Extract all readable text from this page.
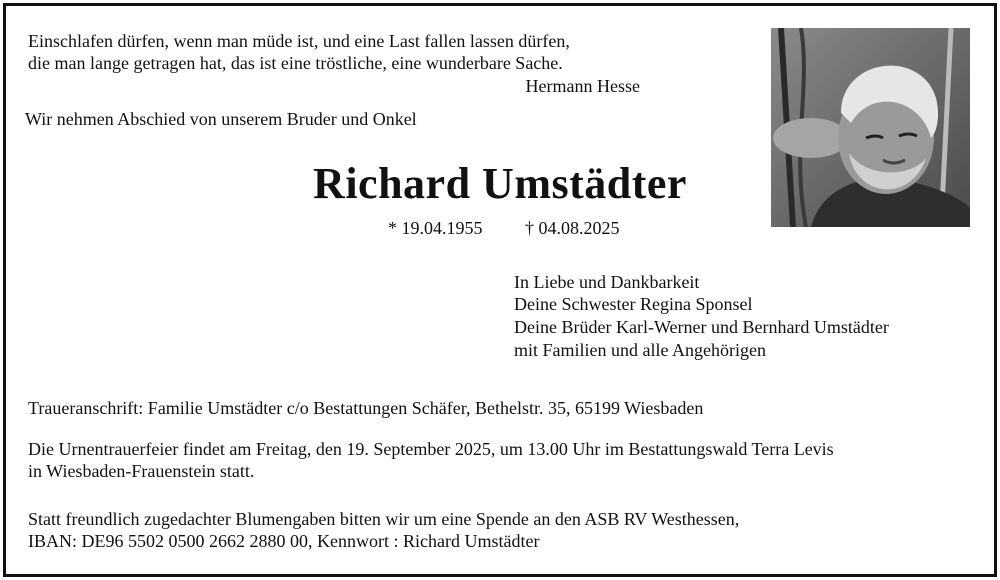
Einschlafen dürfen, wenn man müde ist, und eine Last fallen lassen dürfen,
die man lange getragen hat, das ist eine tröstliche, eine wunderbare Sache.
Hermann Hesse
Wir nehmen Abschied von unserem Bruder und Onkel
Richard Umstädter
* 19.04.1955 † 04.08.2025
In Liebe und Dankbarkeit
Deine Schwester Regina Sponsel
Deine Brüder Karl-Werner und Bernhard Umstädter
mit Familien und alle Angehörigen
Traueranschrift: Familie Umstädter c/o Bestattungen Schäfer, Bethelstr. 35, 65199 Wiesbaden
Die Urnentrauerfeier findet am Freitag, den 19. September 2025, um 13.00 Uhr im Bestattungswald Terra Levis
in Wiesbaden-Frauenstein statt.
Statt freundlich zugedachter Blumengaben bitten wir um eine Spende an den ASB RV Westhessen,
IBAN: DE96 5502 0500 2662 2880 00, Kennwort : Richard Umstädter
